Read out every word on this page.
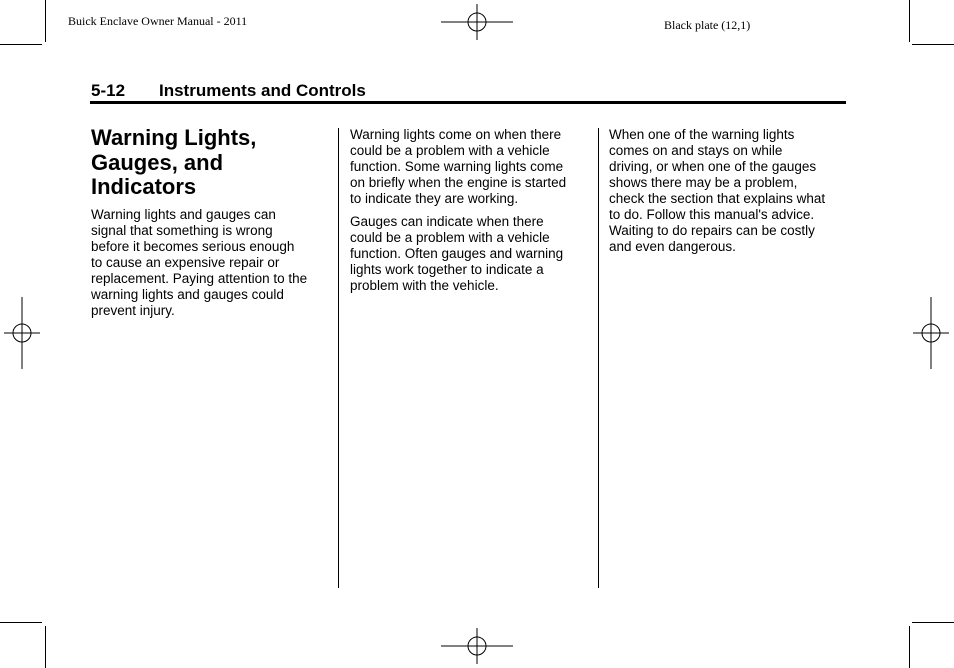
Buick Enclave Owner Manual - 2011	Black plate (12,1)
5-12 Instruments and Controls
Warning Lights,
Gauges, and
Indicators
Warning lights and gauges can
signal that something is wrong
before it becomes serious enough
to cause an expensive repair or
replacement. Paying attention to the
warning lights and gauges could
prevent injury.
Warning lights come on when there
could be a problem with a vehicle
function. Some warning lights come
on briefly when the engine is started
to indicate they are working.
Gauges can indicate when there
could be a problem with a vehicle
function. Often gauges and warning
lights work together to indicate a
problem with the vehicle.
When one of the warning lights
comes on and stays on while
driving, or when one of the gauges
shows there may be a problem,
check the section that explains what
to do. Follow this manual's advice.
Waiting to do repairs can be costly
and even dangerous.
